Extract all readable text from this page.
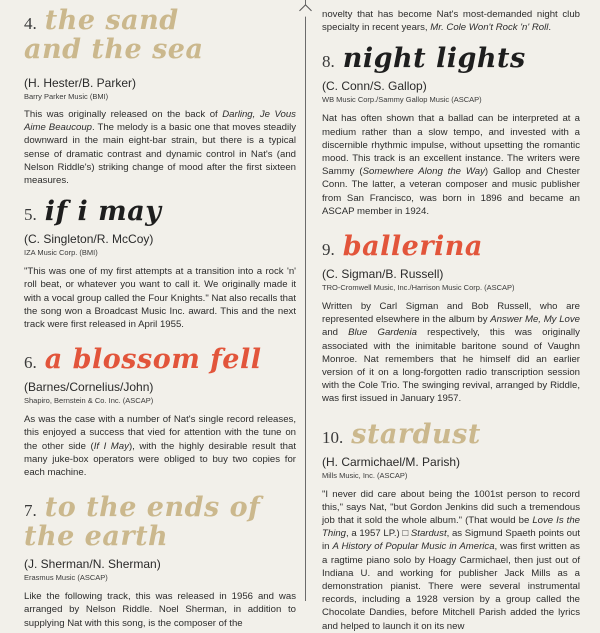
4. the sand
and the sea
(H. Hester/B. Parker)
Barry Parker Music (BMI)
This was originally released on the back of Darling, Je Vous Aime Beaucoup. The melody is a basic one that moves steadily downward in the main eight-bar strain, but there is a typical sense of dramatic contrast and dynamic control in Nat's (and Nelson Riddle's) striking change of mood after the first sixteen measures.
5. if i may
(C. Singleton/R. McCoy)
IZA Music Corp. (BMI)
"This was one of my first attempts at a transition into a rock 'n' roll beat, or whatever you want to call it. We originally made it with a vocal group called the Four Knights." Nat also recalls that the song won a Broadcast Music Inc. award. This and the next track were first released in April 1955.
6. a blossom fell
(Barnes/Cornelius/John)
Shapiro, Bernstein & Co. Inc. (ASCAP)
As was the case with a number of Nat's single record releases, this enjoyed a success that vied for attention with the tune on the other side (If I May), with the highly desirable result that many juke-box operators were obliged to buy two copies for each machine.
7. to the ends of
the earth
(J. Sherman/N. Sherman)
Erasmus Music (ASCAP)
Like the following track, this was released in 1956 and was arranged by Nelson Riddle. Noel Sherman, in addition to supplying Nat with this song, is the composer of the
novelty that has become Nat's most-demanded night club specialty in recent years, Mr. Cole Won't Rock 'n' Roll.
8. night lights
(C. Conn/S. Gallop)
WB Music Corp./Sammy Gallop Music (ASCAP)
Nat has often shown that a ballad can be interpreted at a medium rather than a slow tempo, and invested with a discernible rhythmic impulse, without upsetting the romantic mood. This track is an excellent instance. The writers were Sammy (Somewhere Along the Way) Gallop and Chester Conn. The latter, a veteran composer and music publisher from San Francisco, was born in 1896 and became an ASCAP member in 1924.
9. ballerina
(C. Sigman/B. Russell)
TRO-Cromwell Music, Inc./Harrison Music Corp. (ASCAP)
Written by Carl Sigman and Bob Russell, who are represented elsewhere in the album by Answer Me, My Love and Blue Gardenia respectively, this was originally associated with the inimitable baritone sound of Vaughn Monroe. Nat remembers that he himself did an earlier version of it on a long-forgotten radio transcription session with the Cole Trio. The swinging revival, arranged by Riddle, was first issued in January 1957.
10. stardust
(H. Carmichael/M. Parish)
Mills Music, Inc. (ASCAP)
"I never did care about being the 1001st person to record this," says Nat, "but Gordon Jenkins did such a tremendous job that it sold the whole album." (That would be Love Is the Thing, a 1957 LP.) □ Stardust, as Sigmund Spaeth points out in A History of Popular Music in America, was first written as a ragtime piano solo by Hoagy Carmichael, then just out of Indiana U. and working for publisher Jack Mills as a demonstration pianist. There were several instrumental records, including a 1928 version by a group called the Chocolate Dandies, before Mitchell Parish added the lyrics and helped to launch it on its new
